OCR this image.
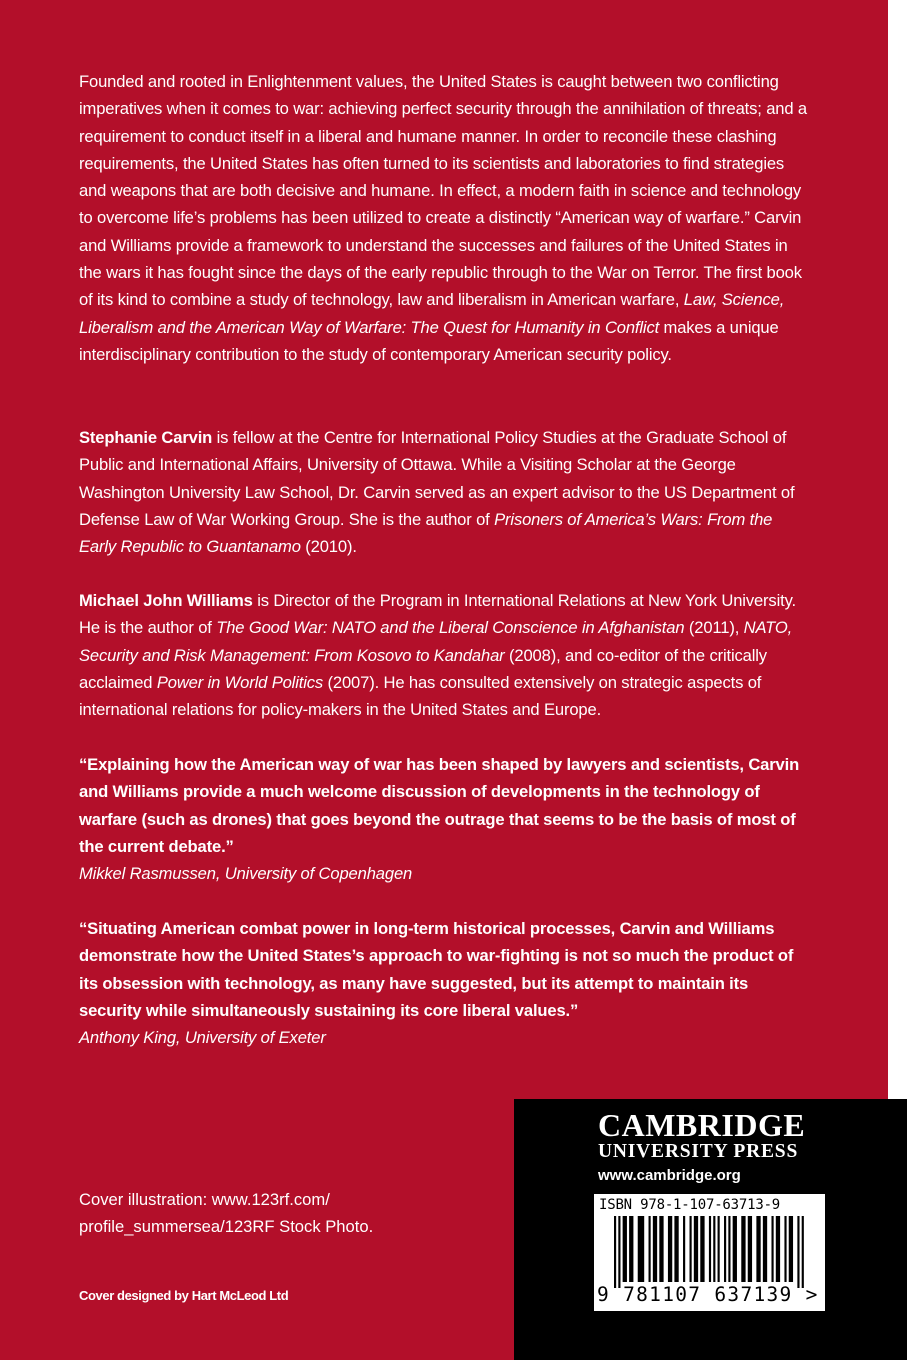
Founded and rooted in Enlightenment values, the United States is caught between two conflicting imperatives when it comes to war: achieving perfect security through the annihilation of threats; and a requirement to conduct itself in a liberal and humane manner. In order to reconcile these clashing requirements, the United States has often turned to its scientists and laboratories to find strategies and weapons that are both decisive and humane. In effect, a modern faith in science and technology to overcome life’s problems has been utilized to create a distinctly “American way of warfare.” Carvin and Williams provide a framework to understand the successes and failures of the United States in the wars it has fought since the days of the early republic through to the War on Terror. The first book of its kind to combine a study of technology, law and liberalism in American warfare, Law, Science, Liberalism and the American Way of Warfare: The Quest for Humanity in Conflict makes a unique interdisciplinary contribution to the study of contemporary American security policy.

Stephanie Carvin is fellow at the Centre for International Policy Studies at the Graduate School of Public and International Affairs, University of Ottawa. While a Visiting Scholar at the George Washington University Law School, Dr. Carvin served as an expert advisor to the US Department of Defense Law of War Working Group. She is the author of Prisoners of America’s Wars: From the Early Republic to Guantanamo (2010).

Michael John Williams is Director of the Program in International Relations at New York University. He is the author of The Good War: NATO and the Liberal Conscience in Afghanistan (2011), NATO, Security and Risk Management: From Kosovo to Kandahar (2008), and co-editor of the critically acclaimed Power in World Politics (2007). He has consulted extensively on strategic aspects of international relations for policy-makers in the United States and Europe.

“Explaining how the American way of war has been shaped by lawyers and scientists, Carvin and Williams provide a much welcome discussion of developments in the technology of warfare (such as drones) that goes beyond the outrage that seems to be the basis of most of the current debate.”
Mikkel Rasmussen, University of Copenhagen
“Situating American combat power in long-term historical processes, Carvin and Williams demonstrate how the United States’s approach to war-fighting is not so much the product of its obsession with technology, as many have suggested, but its attempt to maintain its security while simultaneously sustaining its core liberal values.”
Anthony King, University of Exeter

Cover illustration: www.123rf.com/
profile_summersea/123RF Stock Photo.

Cover designed by Hart McLeod Ltd
CAMBRIDGE
UNIVERSITY PRESS
www.cambridge.org
ISBN 978-1-107-63713-9
9 781107 637139 >
